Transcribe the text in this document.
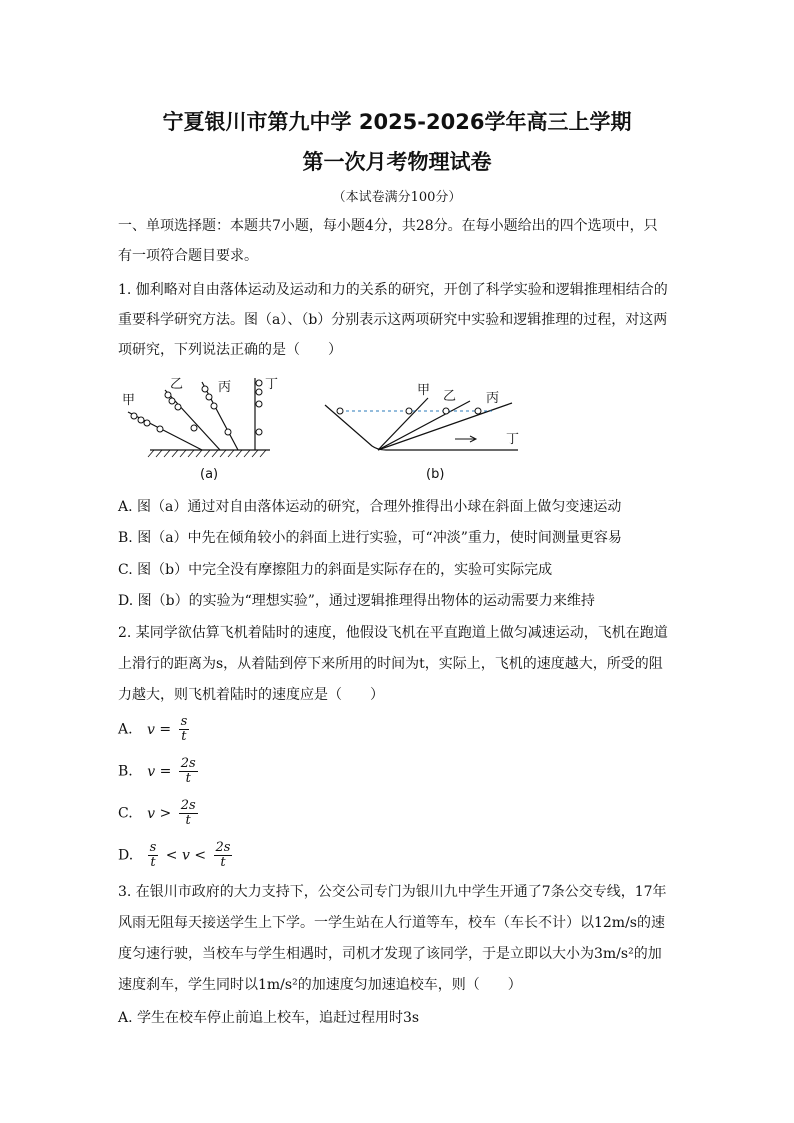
宁夏银川市第九中学 2025-2026学年高三上学期
第一次月考物理试卷
（本试卷满分100分）
一、单项选择题：本题共7小题，每小题4分，共28分。在每小题给出的四个选项中，只
有一项符合题目要求。
1. 伽利略对自由落体运动及运动和力的关系的研究，开创了科学实验和逻辑推理相结合的
重要科学研究方法。图（a）、（b）分别表示这两项研究中实验和逻辑推理的过程，对这两
项研究，下列说法正确的是（　　）
甲
乙	丙	丁
(a)
甲 乙 丙
丁
(b)
A. 图（a）通过对自由落体运动的研究，合理外推得出小球在斜面上做匀变速运动
B. 图（a）中先在倾角较小的斜面上进行实验，可“冲淡”重力，使时间测量更容易
C. 图（b）中完全没有摩擦阻力的斜面是实际存在的，实验可实际完成
D. 图（b）的实验为“理想实验”，通过逻辑推理得出物体的运动需要力来维持
2. 某同学欲估算飞机着陆时的速度，他假设飞机在平直跑道上做匀减速运动，飞机在跑道
上滑行的距离为s，从着陆到停下来所用的时间为t，实际上，飞机的速度越大，所受的阻
力越大，则飞机着陆时的速度应是（　　）
A. $v = \frac{s}{t}$
B. $v = \frac{2s}{t}$
C. $v > \frac{2s}{t}$
D. $\frac{s}{t} < v < \frac{2s}{t}$
3. 在银川市政府的大力支持下，公交公司专门为银川九中学生开通了7条公交专线，17年
风雨无阻每天接送学生上下学。一学生站在人行道等车，校车（车长不计）以12m/s的速
度匀速行驶，当校车与学生相遇时，司机才发现了该同学，于是立即以大小为3m/s²的加
速度刹车，学生同时以1m/s²的加速度匀加速追校车，则（　　）
A. 学生在校车停止前追上校车，追赶过程用时3s
